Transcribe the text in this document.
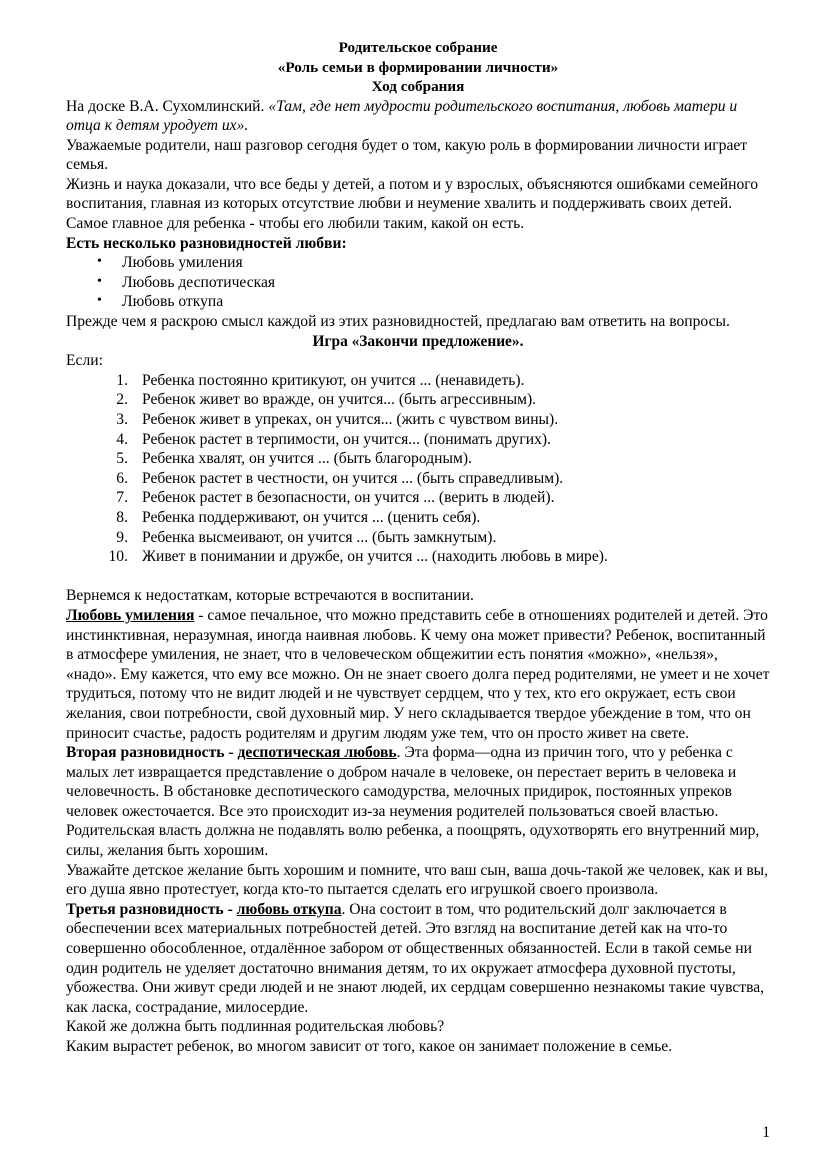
Родительское собрание
«Роль семьи в формировании личности»
Ход собрания

На доске В.А. Сухомлинский. «Там, где нет мудрости родительского воспитания, любовь матери и отца к детям уродует их».

Уважаемые родители, наш разговор сегодня будет о том, какую роль в формировании личности играет семья.

Жизнь и наука доказали, что все беды у детей, а потом и у взрослых, объясняются ошибками семейного воспитания, главная из которых отсутствие любви и неумение хвалить и поддерживать своих детей.

Самое главное для ребенка - чтобы его любили таким, какой он есть.

Есть несколько разновидностей любви:

• Любовь умиления
• Любовь деспотическая
• Любовь откупа

Прежде чем я раскрою смысл каждой из этих разновидностей, предлагаю вам ответить на вопросы.

Игра «Закончи предложение».

Если:

Ребенка постоянно критикуют, он учится ... (ненавидеть).
Ребенок живет во вражде, он учится... (быть агрессивным).
Ребенок живет в упреках, он учится... (жить с чувством вины).
Ребенок растет в терпимости, он учится... (понимать других).
Ребенка хвалят, он учится ... (быть благородным).
Ребенок растет в честности, он учится ... (быть справедливым).
Ребенок растет в безопасности, он учится ... (верить в людей).
Ребенка поддерживают, он учится ... (ценить себя).
Ребенка высмеивают, он учится ... (быть замкнутым).
Живет в понимании и дружбе, он учится ... (находить любовь в мире).

Вернемся к недостаткам, которые встречаются в воспитании.

Любовь умиления - самое печальное, что можно представить себе в отношениях родителей и детей. Это инстинктивная, неразумная, иногда наивная любовь. К чему она может привести? Ребенок, воспитанный в атмосфере умиления, не знает, что в человеческом общежитии есть понятия «можно», «нельзя», «надо». Ему кажется, что ему все можно. Он не знает своего долга перед родителями, не умеет и не хочет трудиться, потому что не видит людей и не чувствует сердцем, что у тех, кто его окружает, есть свои желания, свои потребности, свой духовный мир. У него складывается твердое убеждение в том, что он приносит счастье, радость родителям и другим людям уже тем, что он просто живет на свете.

Вторая разновидность - деспотическая любовь. Эта форма—одна из причин того, что у ребенка с малых лет извращается представление о добром начале в человеке, он перестает верить в человека и человечность. В обстановке деспотического самодурства, мелочных придирок, постоянных упреков человек ожесточается. Все это происходит из-за неумения родителей пользоваться своей властью.

Родительская власть должна не подавлять волю ребенка, а поощрять, одухотворять его внутренний мир, силы, желания быть хорошим.

Уважайте детское желание быть хорошим и помните, что ваш сын, ваша дочь-такой же человек, как и вы, его душа явно протестует, когда кто-то пытается сделать его игрушкой своего произвола.

Третья разновидность - любовь откупа. Она состоит в том, что родительский долг заключается в обеспечении всех материальных потребностей детей. Это взгляд на воспитание детей как на что-то совершенно обособленное, отдалённое забором от общественных обязанностей. Если в такой семье ни один родитель не уделяет достаточно внимания детям, то их окружает атмосфера духовной пустоты, убожества. Они живут среди людей и не знают людей, их сердцам совершенно незнакомы такие чувства, как ласка, сострадание, милосердие.

Какой же должна быть подлинная родительская любовь?

Каким вырастет ребенок, во многом зависит от того, какое он занимает положение в семье.

1
